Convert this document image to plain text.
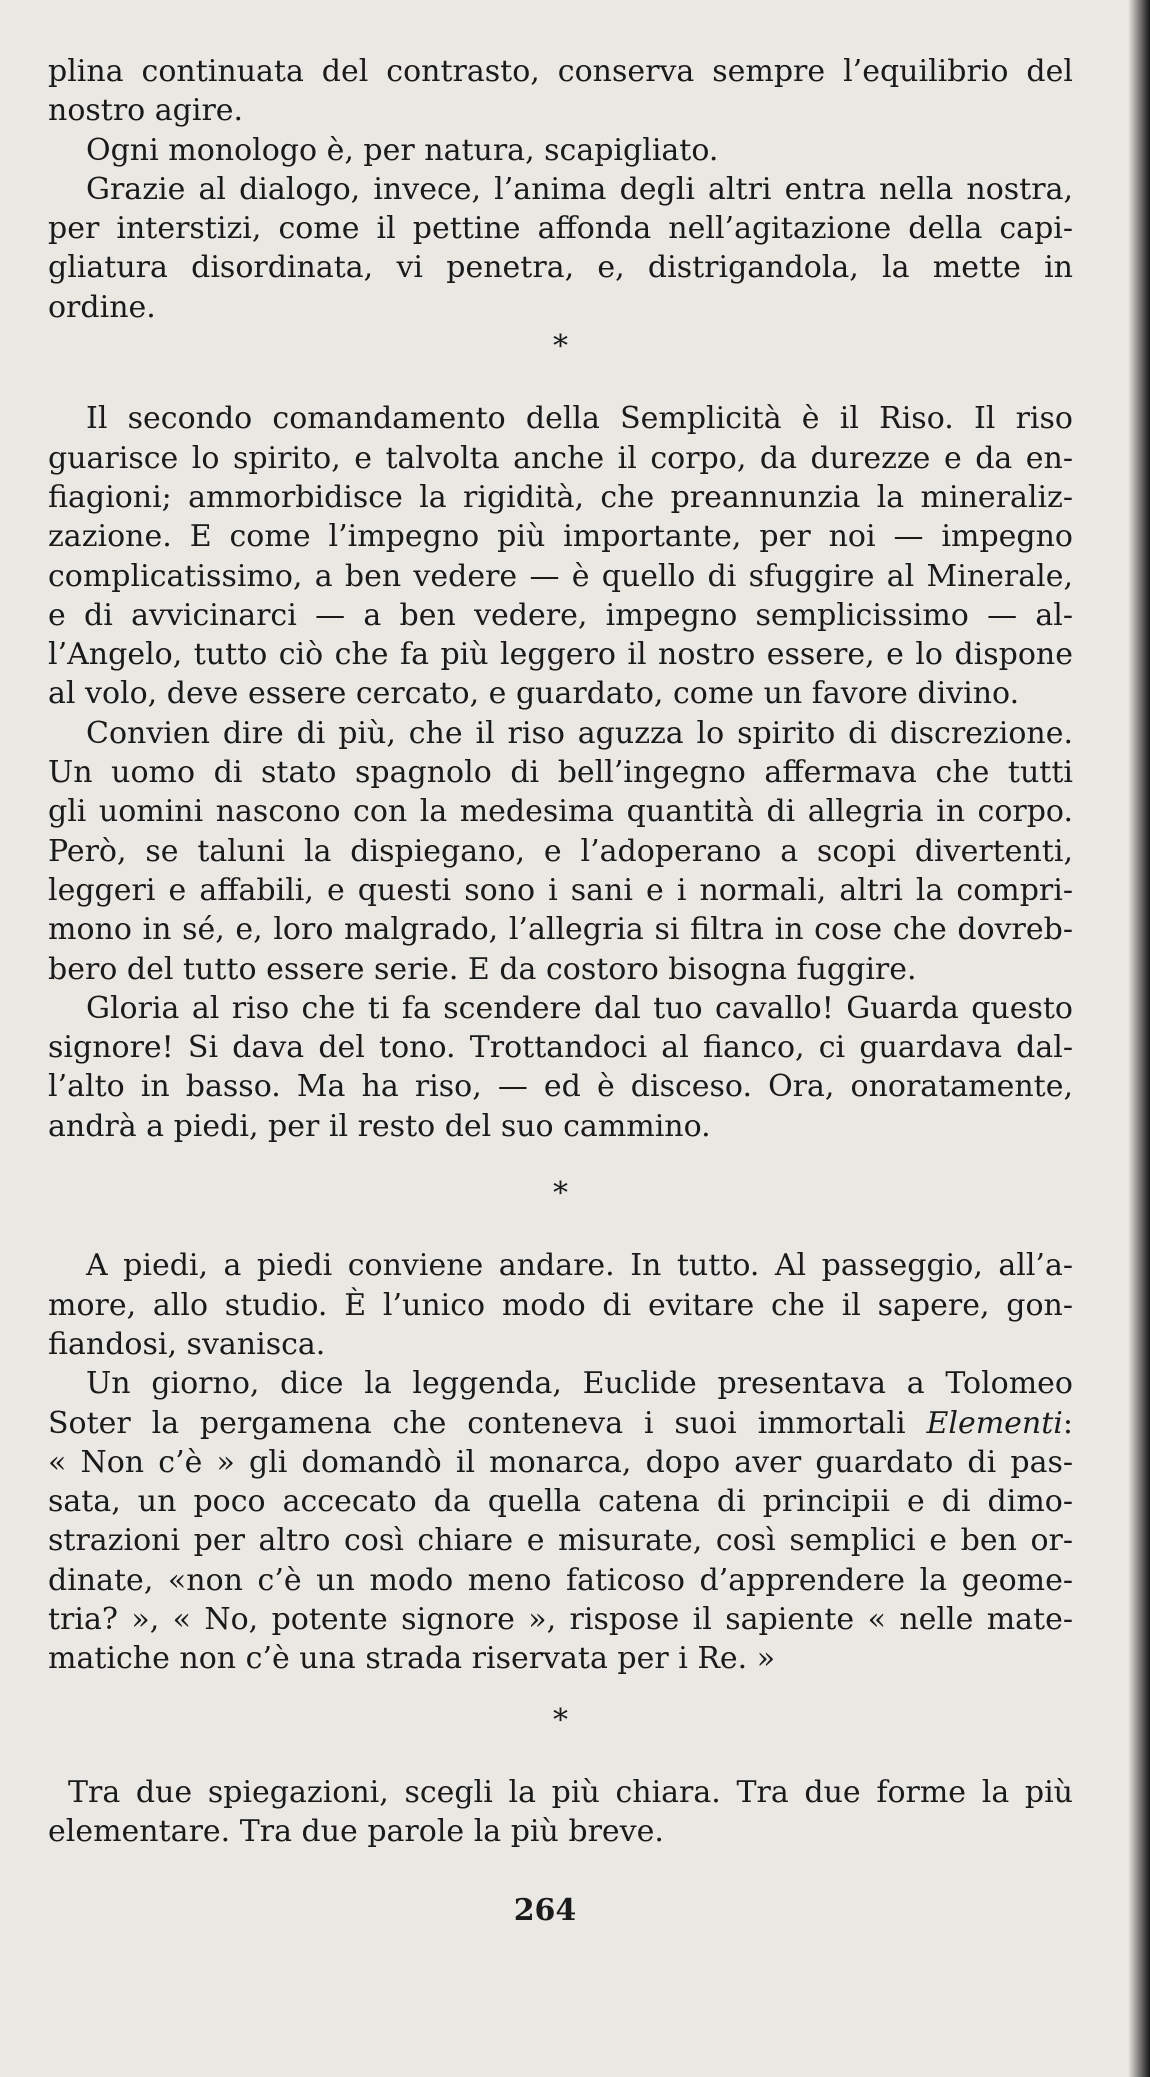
plina continuata del contrasto, conserva sempre l’equilibrio del
nostro agire.
Ogni monologo è, per natura, scapigliato.
Grazie al dialogo, invece, l’anima degli altri entra nella nostra,
per interstizi, come il pettine affonda nell’agitazione della capi-
gliatura disordinata, vi penetra, e, distrigandola, la mette in
ordine.
*
Il secondo comandamento della Semplicità è il Riso. Il riso
guarisce lo spirito, e talvolta anche il corpo, da durezze e da en-
fiagioni; ammorbidisce la rigidità, che preannunzia la mineraliz-
zazione. E come l’impegno più importante, per noi — impegno
complicatissimo, a ben vedere — è quello di sfuggire al Minerale,
e di avvicinarci — a ben vedere, impegno semplicissimo — al-
l’Angelo, tutto ciò che fa più leggero il nostro essere, e lo dispone
al volo, deve essere cercato, e guardato, come un favore divino.
Convien dire di più, che il riso aguzza lo spirito di discrezione.
Un uomo di stato spagnolo di bell’ingegno affermava che tutti
gli uomini nascono con la medesima quantità di allegria in corpo.
Però, se taluni la dispiegano, e l’adoperano a scopi divertenti,
leggeri e affabili, e questi sono i sani e i normali, altri la compri-
mono in sé, e, loro malgrado, l’allegria si filtra in cose che dovreb-
bero del tutto essere serie. E da costoro bisogna fuggire.
Gloria al riso che ti fa scendere dal tuo cavallo! Guarda questo
signore! Si dava del tono. Trottandoci al fianco, ci guardava dal-
l’alto in basso. Ma ha riso, — ed è disceso. Ora, onoratamente,
andrà a piedi, per il resto del suo cammino.
*
A piedi, a piedi conviene andare. In tutto. Al passeggio, all’a-
more, allo studio. È l’unico modo di evitare che il sapere, gon-
fiandosi, svanisca.
Un giorno, dice la leggenda, Euclide presentava a Tolomeo
Soter la pergamena che conteneva i suoi immortali Elementi:
« Non c’è » gli domandò il monarca, dopo aver guardato di pas-
sata, un poco accecato da quella catena di principii e di dimo-
strazioni per altro così chiare e misurate, così semplici e ben or-
dinate, «non c’è un modo meno faticoso d’apprendere la geome-
tria? », « No, potente signore », rispose il sapiente « nelle mate-
matiche non c’è una strada riservata per i Re. »
*
Tra due spiegazioni, scegli la più chiara. Tra due forme la più
elementare. Tra due parole la più breve.
264
